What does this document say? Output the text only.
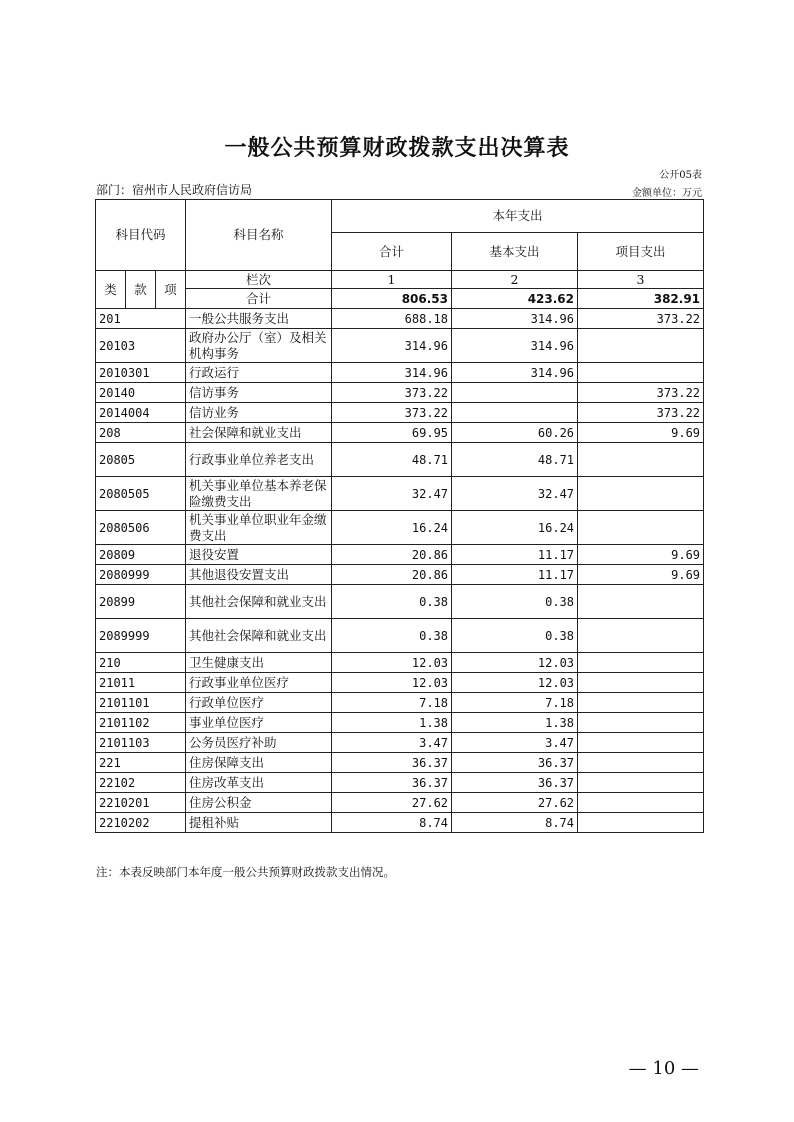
一般公共预算财政拨款支出决算表
公开05表
部门：宿州市人民政府信访局	金额单位：万元
科目代码			科目名称	本年支出		
				合计	基本支出	项目支出
类	款	项	栏次	1	2	3
			合计	806.53	423.62	382.91
201			一般公共服务支出	688.18	314.96	373.22
20103			政府办公厅（室）及相关机构事务	314.96	314.96	
2010301			行政运行	314.96	314.96	
20140			信访事务	373.22		373.22
2014004			信访业务	373.22		373.22
208			社会保障和就业支出	69.95	60.26	9.69
20805			行政事业单位养老支出	48.71	48.71	
2080505			机关事业单位基本养老保险缴费支出	32.47	32.47	
2080506			机关事业单位职业年金缴费支出	16.24	16.24	
20809			退役安置	20.86	11.17	9.69
2080999			其他退役安置支出	20.86	11.17	9.69
20899			其他社会保障和就业支出	0.38	0.38	
2089999			其他社会保障和就业支出	0.38	0.38	
210			卫生健康支出	12.03	12.03	
21011			行政事业单位医疗	12.03	12.03	
2101101			行政单位医疗	7.18	7.18	
2101102			事业单位医疗	1.38	1.38	
2101103			公务员医疗补助	3.47	3.47	
221			住房保障支出	36.37	36.37	
22102			住房改革支出	36.37	36.37	
2210201			住房公积金	27.62	27.62	
2210202			提租补贴	8.74	8.74	
注：本表反映部门本年度一般公共预算财政拨款支出情况。
— 10 —
